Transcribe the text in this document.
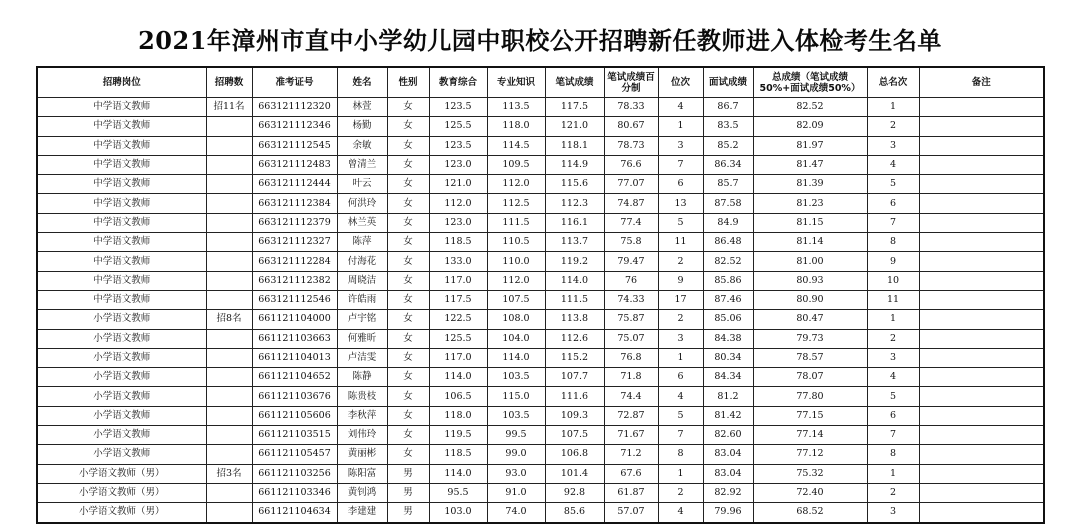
2021年漳州市直中小学幼儿园中职校公开招聘新任教师进入体检考生名单
招聘岗位	招聘数	准考证号	姓名	性别	教育综合	专业知识	笔试成绩	笔试成绩百分制	位次	面试成绩	总成绩（笔试成绩50%+面试成绩50%）	总名次	备注
中学语文教师	招11名	663121112320	林萱	女	123.5	113.5	117.5	78.33	4	86.7	82.52	1	
中学语文教师		663121112346	杨勤	女	125.5	118.0	121.0	80.67	1	83.5	82.09	2	
中学语文教师		663121112545	余敏	女	123.5	114.5	118.1	78.73	3	85.2	81.97	3	
中学语文教师		663121112483	曾清兰	女	123.0	109.5	114.9	76.6	7	86.34	81.47	4	
中学语文教师		663121112444	叶云	女	121.0	112.0	115.6	77.07	6	85.7	81.39	5	
中学语文教师		663121112384	何洪玲	女	112.0	112.5	112.3	74.87	13	87.58	81.23	6	
中学语文教师		663121112379	林兰英	女	123.0	111.5	116.1	77.4	5	84.9	81.15	7	
中学语文教师		663121112327	陈萍	女	118.5	110.5	113.7	75.8	11	86.48	81.14	8	
中学语文教师		663121112284	付海花	女	133.0	110.0	119.2	79.47	2	82.52	81.00	9	
中学语文教师		663121112382	周晓洁	女	117.0	112.0	114.0	76	9	85.86	80.93	10	
中学语文教师		663121112546	许皓雨	女	117.5	107.5	111.5	74.33	17	87.46	80.90	11	
小学语文教师	招8名	661121104000	卢宇铭	女	122.5	108.0	113.8	75.87	2	85.06	80.47	1	
小学语文教师		661121103663	何雅昕	女	125.5	104.0	112.6	75.07	3	84.38	79.73	2	
小学语文教师		661121104013	卢洁雯	女	117.0	114.0	115.2	76.8	1	80.34	78.57	3	
小学语文教师		661121104652	陈静	女	114.0	103.5	107.7	71.8	6	84.34	78.07	4	
小学语文教师		661121103676	陈贵枝	女	106.5	115.0	111.6	74.4	4	81.2	77.80	5	
小学语文教师		661121105606	李秋萍	女	118.0	103.5	109.3	72.87	5	81.42	77.15	6	
小学语文教师		661121103515	刘伟玲	女	119.5	99.5	107.5	71.67	7	82.60	77.14	7	
小学语文教师		661121105457	黄丽彬	女	118.5	99.0	106.8	71.2	8	83.04	77.12	8	
小学语文教师（男）	招3名	661121103256	陈阳富	男	114.0	93.0	101.4	67.6	1	83.04	75.32	1	
小学语文教师（男）		661121103346	黄钊鸿	男	95.5	91.0	92.8	61.87	2	82.92	72.40	2	
小学语文教师（男）		661121104634	李建建	男	103.0	74.0	85.6	57.07	4	79.96	68.52	3	
